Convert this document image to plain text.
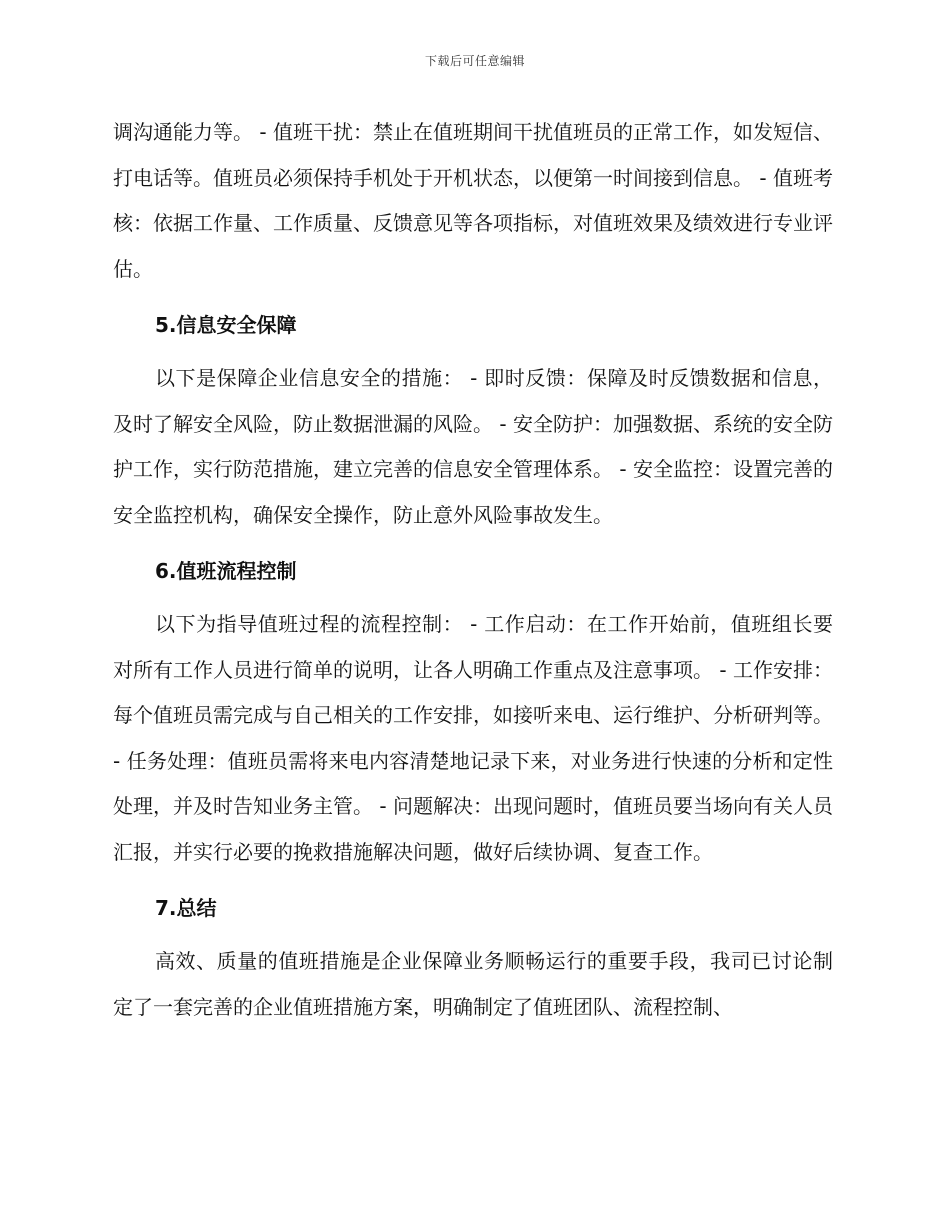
下载后可任意编辑

调沟通能力等。 - 值班干扰：禁止在值班期间干扰值班员的正常工作，如发短信、打电话等。值班员必须保持手机处于开机状态，以便第一时间接到信息。 - 值班考核：依据工作量、工作质量、反馈意见等各项指标，对值班效果及绩效进行专业评估。

5.信息安全保障

以下是保障企业信息安全的措施： - 即时反馈：保障及时反馈数据和信息，及时了解安全风险，防止数据泄漏的风险。 - 安全防护：加强数据、系统的安全防护工作，实行防范措施，建立完善的信息安全管理体系。 - 安全监控：设置完善的安全监控机构，确保安全操作，防止意外风险事故发生。

6.值班流程控制

以下为指导值班过程的流程控制： - 工作启动：在工作开始前，值班组长要对所有工作人员进行简单的说明，让各人明确工作重点及注意事项。 - 工作安排：每个值班员需完成与自己相关的工作安排，如接听来电、运行维护、分析研判等。 - 任务处理：值班员需将来电内容清楚地记录下来，对业务进行快速的分析和定性处理，并及时告知业务主管。 - 问题解决：出现问题时，值班员要当场向有关人员汇报，并实行必要的挽救措施解决问题，做好后续协调、复查工作。

7.总结

高效、质量的值班措施是企业保障业务顺畅运行的重要手段，我司已讨论制定了一套完善的企业值班措施方案，明确制定了值班团队、流程控制、
